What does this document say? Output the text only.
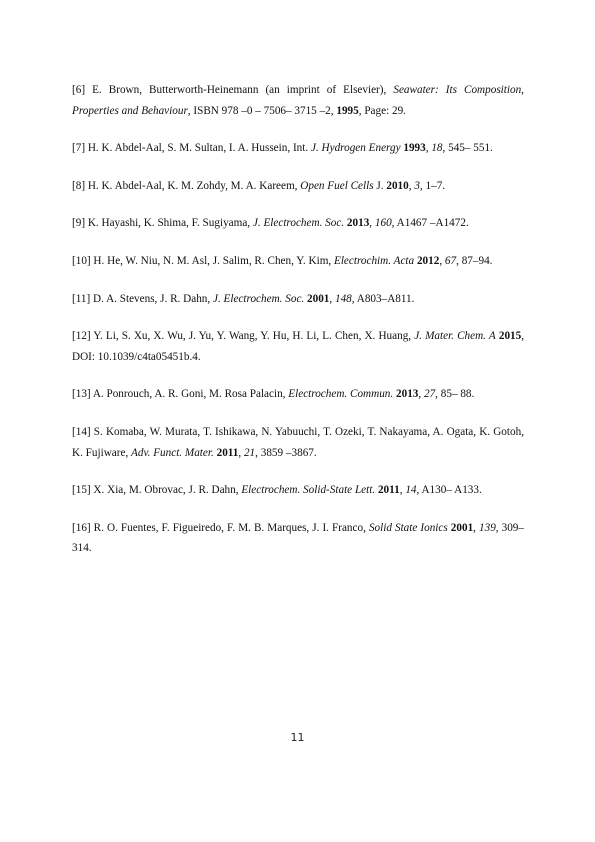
[6] E. Brown, Butterworth-Heinemann (an imprint of Elsevier), Seawater: Its Composition, Properties and Behaviour, ISBN 978 –0 – 7506– 3715 –2, 1995, Page: 29.

[7] H. K. Abdel-Aal, S. M. Sultan, I. A. Hussein, Int. J. Hydrogen Energy 1993, 18, 545– 551.

[8] H. K. Abdel-Aal, K. M. Zohdy, M. A. Kareem, Open Fuel Cells J. 2010, 3, 1–7.

[9] K. Hayashi, K. Shima, F. Sugiyama, J. Electrochem. Soc. 2013, 160, A1467 –A1472.

[10] H. He, W. Niu, N. M. Asl, J. Salim, R. Chen, Y. Kim, Electrochim. Acta 2012, 67, 87–94.

[11] D. A. Stevens, J. R. Dahn, J. Electrochem. Soc. 2001, 148, A803–A811.

[12] Y. Li, S. Xu, X. Wu, J. Yu, Y. Wang, Y. Hu, H. Li, L. Chen, X. Huang, J. Mater. Chem. A 2015, DOI: 10.1039/c4ta05451b.4.

[13] A. Ponrouch, A. R. Goni, M. Rosa Palacin, Electrochem. Commun. 2013, 27, 85– 88.

[14] S. Komaba, W. Murata, T. Ishikawa, N. Yabuuchi, T. Ozeki, T. Nakayama, A. Ogata, K. Gotoh, K. Fujiware, Adv. Funct. Mater. 2011, 21, 3859 –3867.

[15] X. Xia, M. Obrovac, J. R. Dahn, Electrochem. Solid-State Lett. 2011, 14, A130– A133.

[16] R. O. Fuentes, F. Figueiredo, F. M. B. Marques, J. I. Franco, Solid State Ionics 2001, 139, 309– 314.

11
